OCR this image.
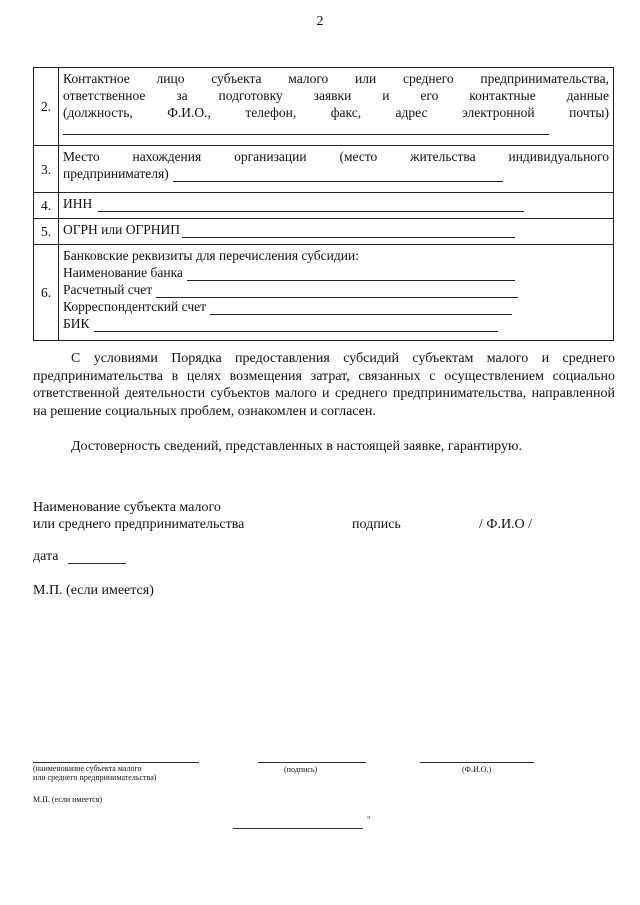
2
2.	Контактное лицо субъекта малого или среднего предпринимательства,
ответственное за подготовку заявки и его контактные данные
(должность, Ф.И.О., телефон, факс, адрес электронной почты)

3.	Место нахождения организации (место жительства индивидуального
предпринимателя)

4.	ИНН

5.	ОГРН или ОГРНИП

6.	Банковские реквизиты для перечисления субсидии:
Наименование банка
Расчетный счет
Корреспондентский счет
БИК
С условиями Порядка предоставления субсидий субъектам малого и среднего предпринимательства в целях возмещения затрат, связанных с осуществлением социально ответственной деятельности субъектов малого и среднего предпринимательства, направленной на решение социальных проблем, ознакомлен и согласен.
Достоверность сведений, представленных в настоящей заявке, гарантирую.
Наименование субъекта малого
или среднего предпринимательства	подпись	/ Ф.И.О /
дата
М.П. (если имеется)
(наименование субъекта малого
или среднего предпринимательства)
(подпись)	(Ф.И.О.)
М.П. (если имеется)
"
